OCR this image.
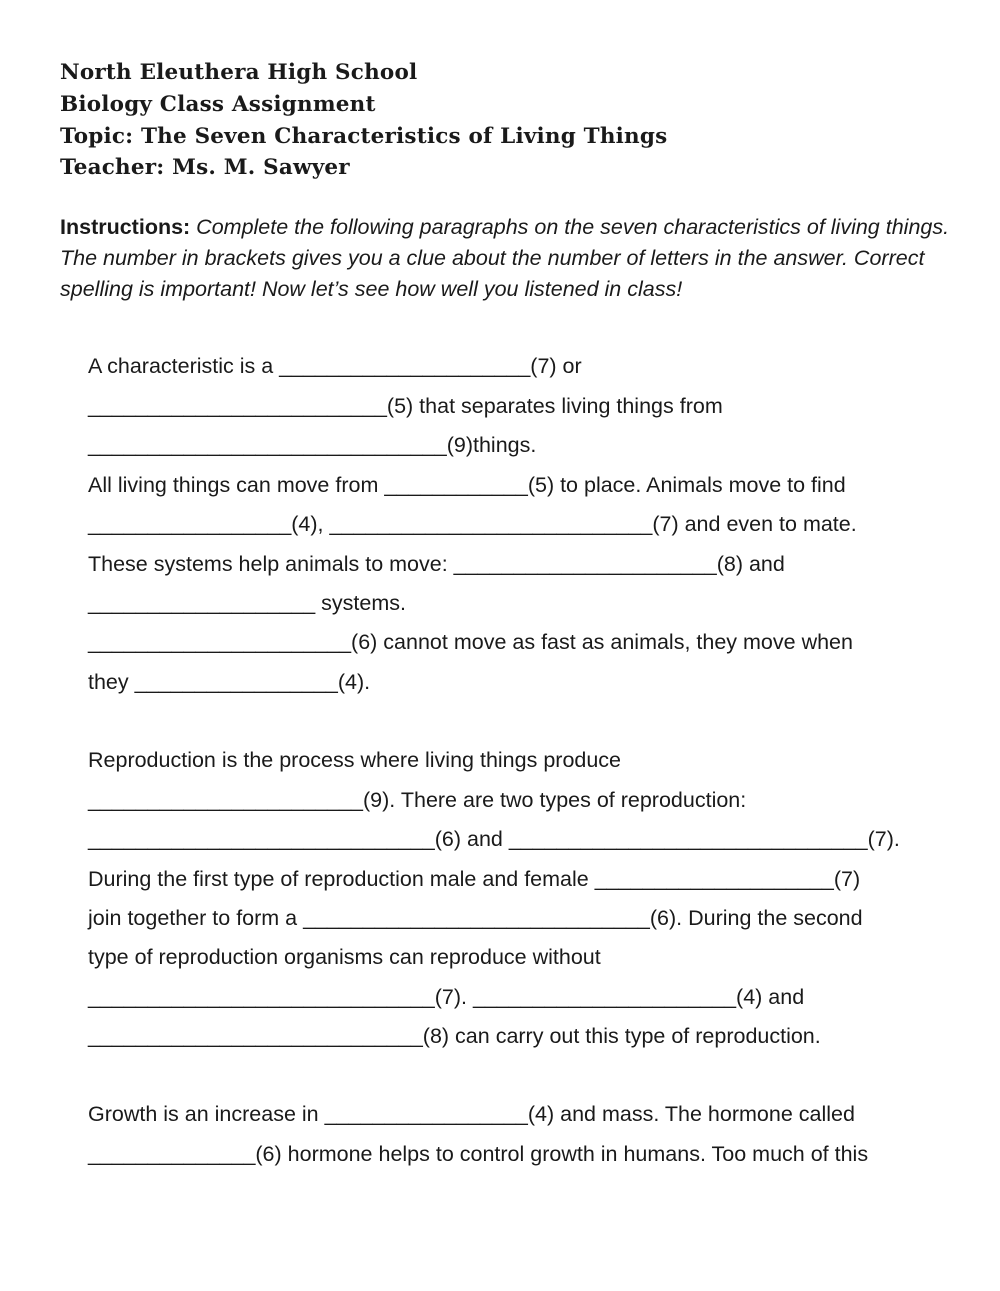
North Eleuthera High School
Biology Class Assignment
Topic: The Seven Characteristics of Living Things
Teacher: Ms. M. Sawyer
Instructions: Complete the following paragraphs on the seven characteristics of living things. The number in brackets gives you a clue about the number of letters in the answer. Correct spelling is important! Now let’s see how well you listened in class!
A characteristic is a _____________________(7) or
_________________________(5) that separates living things from
______________________________(9)things.
All living things can move from ____________(5) to place. Animals move to find
_________________(4), ___________________________(7) and even to mate.
These systems help animals to move: ______________________(8) and
___________________ systems.
______________________(6) cannot move as fast as animals, they move when
they _________________(4).
Reproduction is the process where living things produce
_______________________(9). There are two types of reproduction:
_____________________________(6) and ______________________________(7).
During the first type of reproduction male and female ____________________(7)
join together to form a _____________________________(6). During the second
type of reproduction organisms can reproduce without
_____________________________(7). ______________________(4) and
____________________________(8) can carry out this type of reproduction.
Growth is an increase in _________________(4) and mass. The hormone called
______________(6) hormone helps to control growth in humans. Too much of this
